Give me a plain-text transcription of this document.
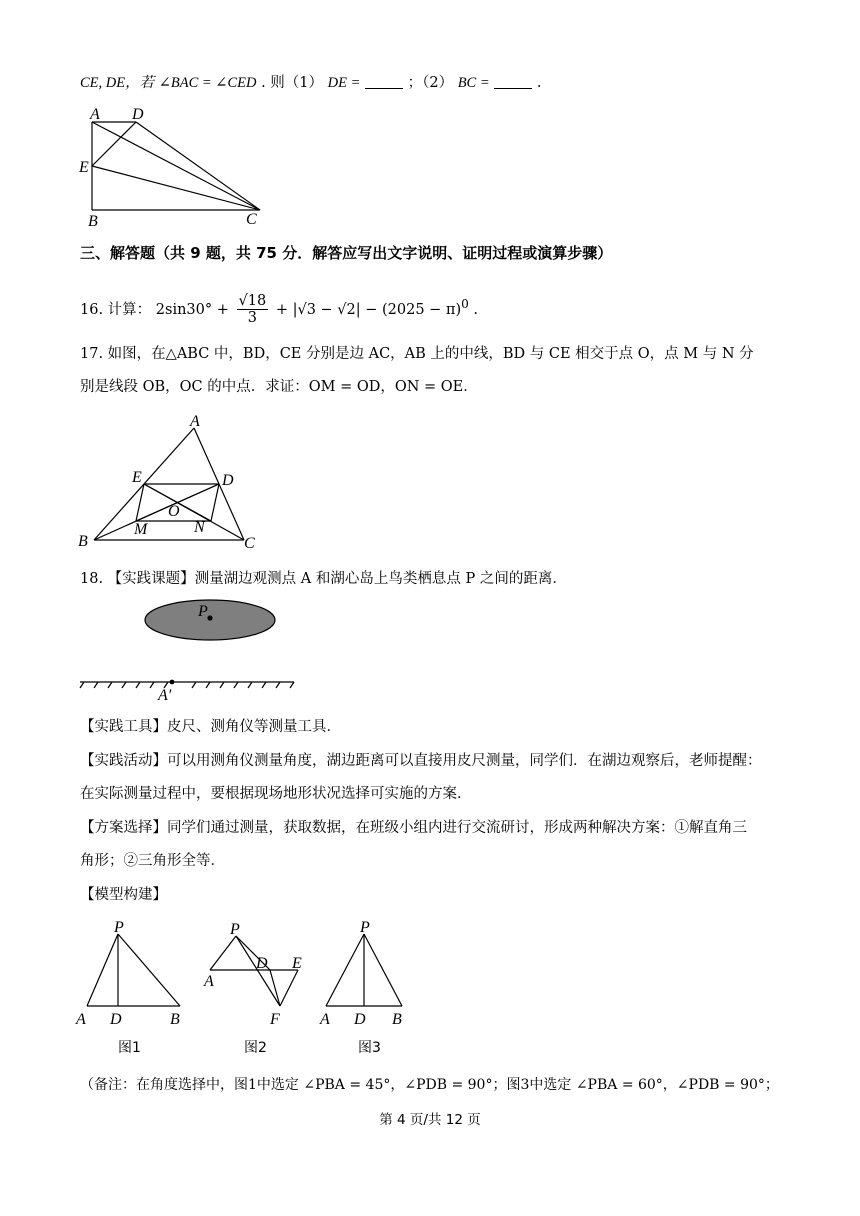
CE, DE，若 ∠BAC = ∠CED . 则（1） DE =	；（2） BC =	.
A D
E
B	C
三、解答题（共 9 题，共 75 分．解答应写出文字说明、证明过程或演算步骤）
16. 计算： $2\sin 30^\circ + \frac{√18}{3} + |√3 - √2| - (2025 - \pi)^0$ .
17. 如图，在△ABC 中，BD，CE 分别是边 AC，AB 上的中线，BD 与 CE 相交于点 O，点 M 与 N 分
别是线段 OB，OC 的中点．求证：OM = OD，ON = OE．
A
E	D
O
M	N
B	C
18. 【实践课题】测量湖边观测点 A 和湖心岛上鸟类栖息点 P 之间的距离．
P
A'
【实践工具】皮尺、测角仪等测量工具．
【实践活动】可以用测角仪测量角度，湖边距离可以直接用皮尺测量，同学们．在湖边观察后，老师提醒：
在实际测量过程中，要根据现场地形状况选择可实施的方案．
【方案选择】同学们通过测量，获取数据，在班级小组内进行交流研讨，形成两种解决方案：①解直角三
角形；②三角形全等．
【模型构建】
P
A D	B
图1
P
A
D E
F
图2
P
A D B
图3
（备注：在角度选择中，图1中选定 ∠PBA = 45°，∠PDB = 90°；图3中选定 ∠PBA = 60°，∠PDB = 90°；
第 4 页/共 12 页
